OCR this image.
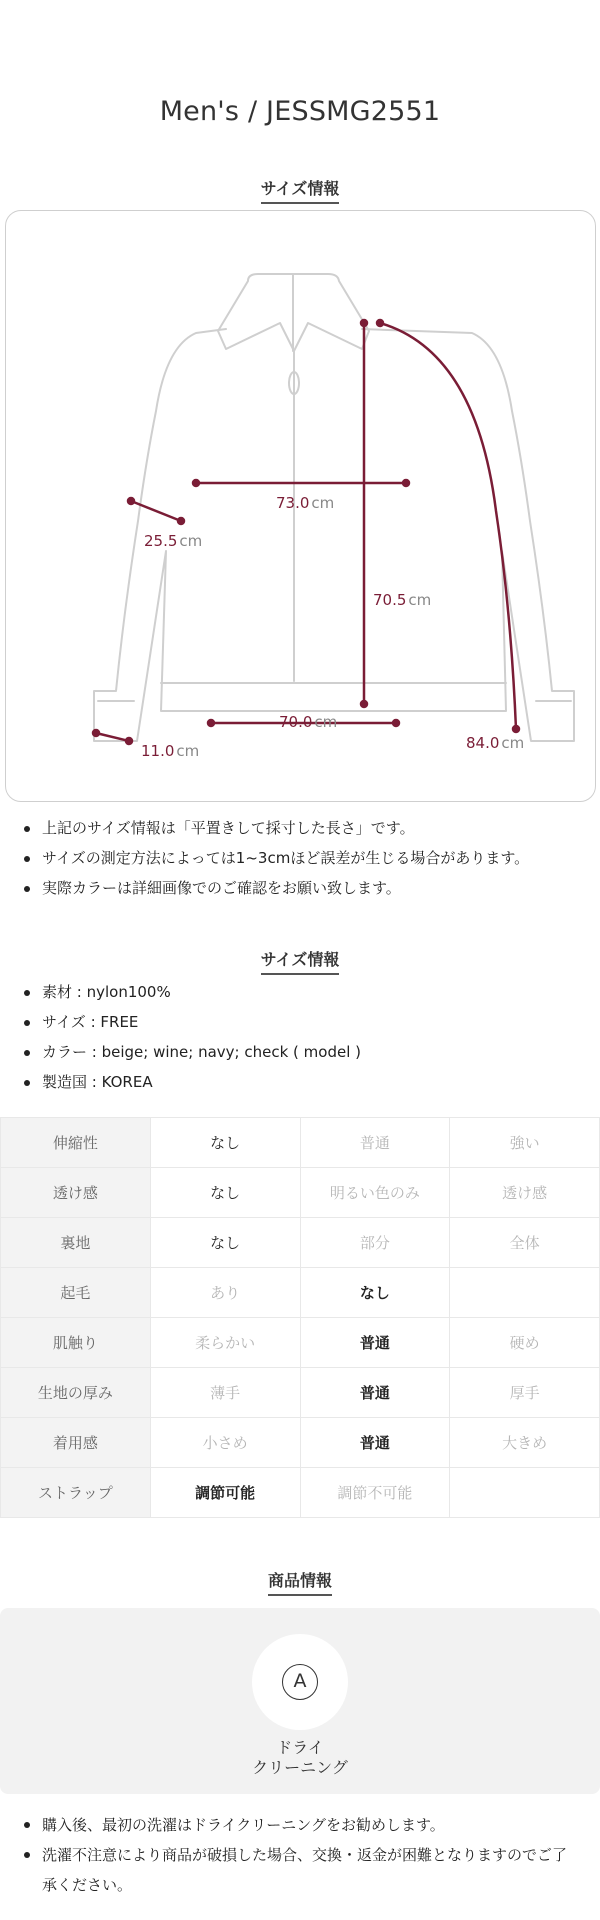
Men's / JESSMG2551
サイズ情報
73.0 cm
25.5 cm
70.5 cm
70.0 cm
11.0 cm	84.0 cm
上記のサイズ情報は「平置きして採寸した長さ」です。
サイズの測定方法によっては1~3cmほど誤差が生じる場合があります。
実際カラーは詳細画像でのご確認をお願い致します。
サイズ情報
素材 : nylon100%
サイズ : FREE
カラー : beige; wine; navy; check ( model )
製造国 : KOREA
伸縮性	なし	普通	強い
透け感	なし	明るい色のみ	透け感
裏地	なし	部分	全体
起毛	あり	なし	
肌触り	柔らかい	普通	硬め
生地の厚み	薄手	普通	厚手
着用感	小さめ	普通	大きめ
ストラップ	調節可能	調節不可能	
商品情報
A
ドライ
クリーニング
購入後、最初の洗濯はドライクリーニングをお勧めします。
洗濯不注意により商品が破損した場合、交換・返金が困難となりますのでご了承ください。
